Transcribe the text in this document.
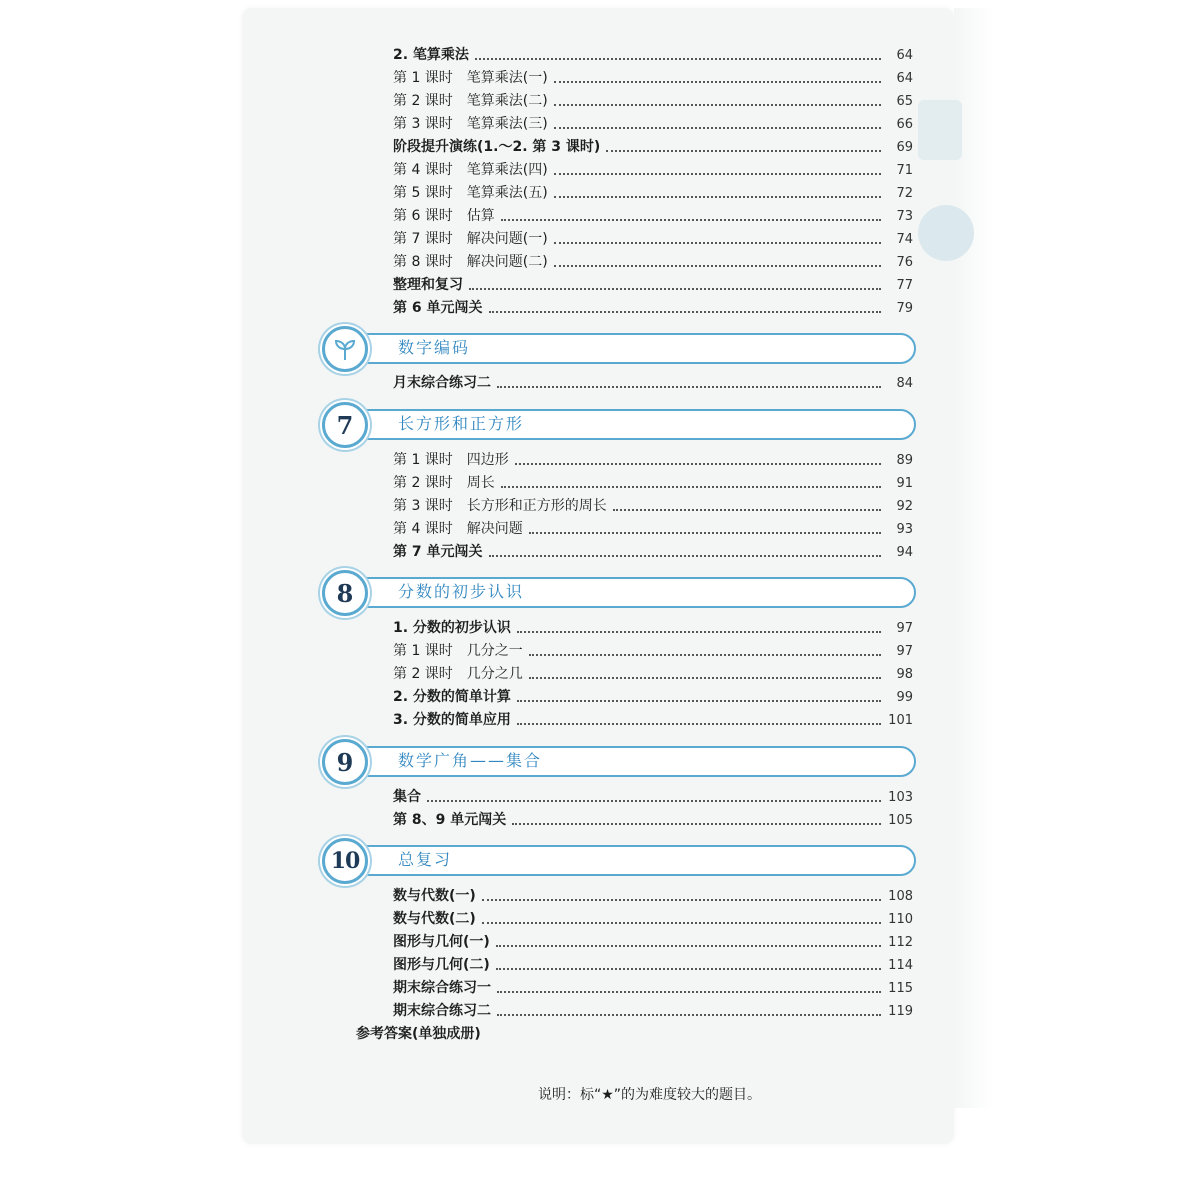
2. 笔算乘法	64
第 1 课时　笔算乘法(一)	64
第 2 课时　笔算乘法(二)	65
第 3 课时　笔算乘法(三)	66
阶段提升演练(1.～2. 第 3 课时)	69
第 4 课时　笔算乘法(四)	71
第 5 课时　笔算乘法(五)	72
第 6 课时　估算	73
第 7 课时　解决问题(一)	74
第 8 课时　解决问题(二)	76
整理和复习	77
第 6 单元闯关	79
月末综合练习二	84
第 1 课时　四边形	89
第 2 课时　周长	91
第 3 课时　长方形和正方形的周长	92
第 4 课时　解决问题	93
第 7 单元闯关	94
1. 分数的初步认识	97
第 1 课时　几分之一	97
第 2 课时　几分之几	98
2. 分数的简单计算	99
3. 分数的简单应用	101
集合	103
第 8、9 单元闯关	105
数与代数(一)	108
数与代数(二)	110
图形与几何(一)	112
图形与几何(二)	114
期末综合练习一	115
期末综合练习二	119
数字编码
7	长方形和正方形
8	分数的初步认识
9	数学广角——集合
10	总复习
参考答案(单独成册)
说明：标“★”的为难度较大的题目。
